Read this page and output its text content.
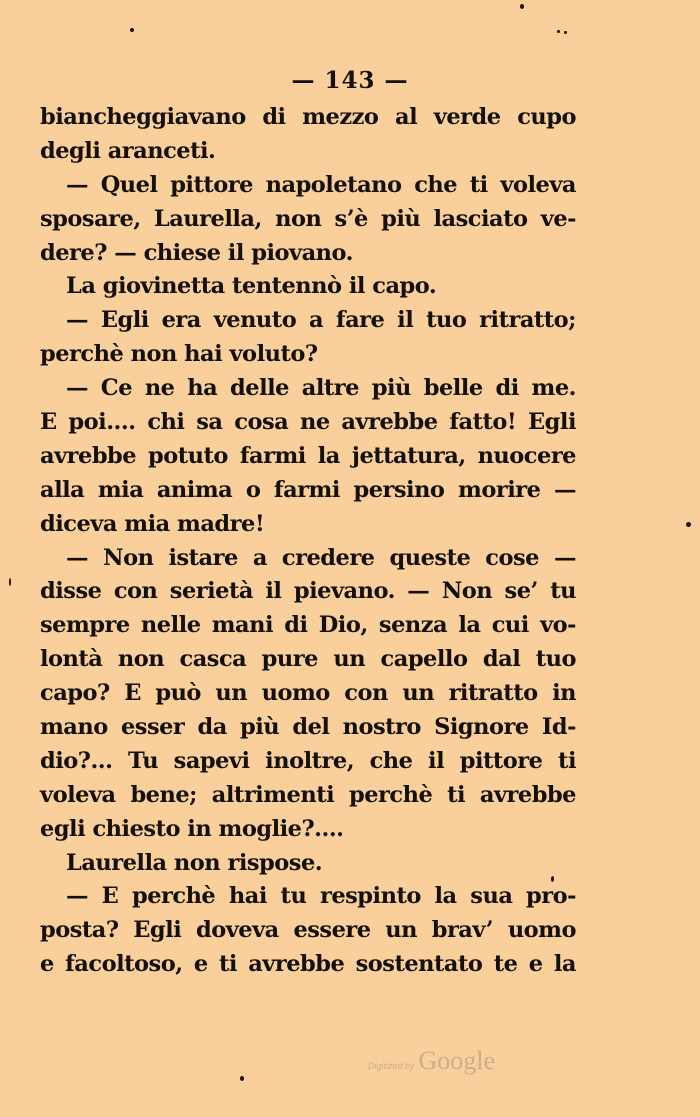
— 143 —
biancheggiavano di mezzo al verde cupo
degli aranceti.
— Quel pittore napoletano che ti voleva
sposare, Laurella, non s’è più lasciato ve-
dere? — chiese il piovano.
La giovinetta tentennò il capo.
— Egli era venuto a fare il tuo ritratto;
perchè non hai voluto?
— Ce ne ha delle altre più belle di me.
E poi.... chi sa cosa ne avrebbe fatto! Egli
avrebbe potuto farmi la jettatura, nuocere
alla mia anima o farmi persino morire —
diceva mia madre!
— Non istare a credere queste cose —
disse con serietà il pievano. — Non se’ tu
sempre nelle mani di Dio, senza la cui vo-
lontà non casca pure un capello dal tuo
capo? E può un uomo con un ritratto in
mano esser da più del nostro Signore Id-
dio?... Tu sapevi inoltre, che il pittore ti
voleva bene; altrimenti perchè ti avrebbe
egli chiesto in moglie?....
Laurella non rispose.
— E perchè hai tu respinto la sua pro-
posta? Egli doveva essere un brav’ uomo
e facoltoso, e ti avrebbe sostentato te e la
Digitized by Google
